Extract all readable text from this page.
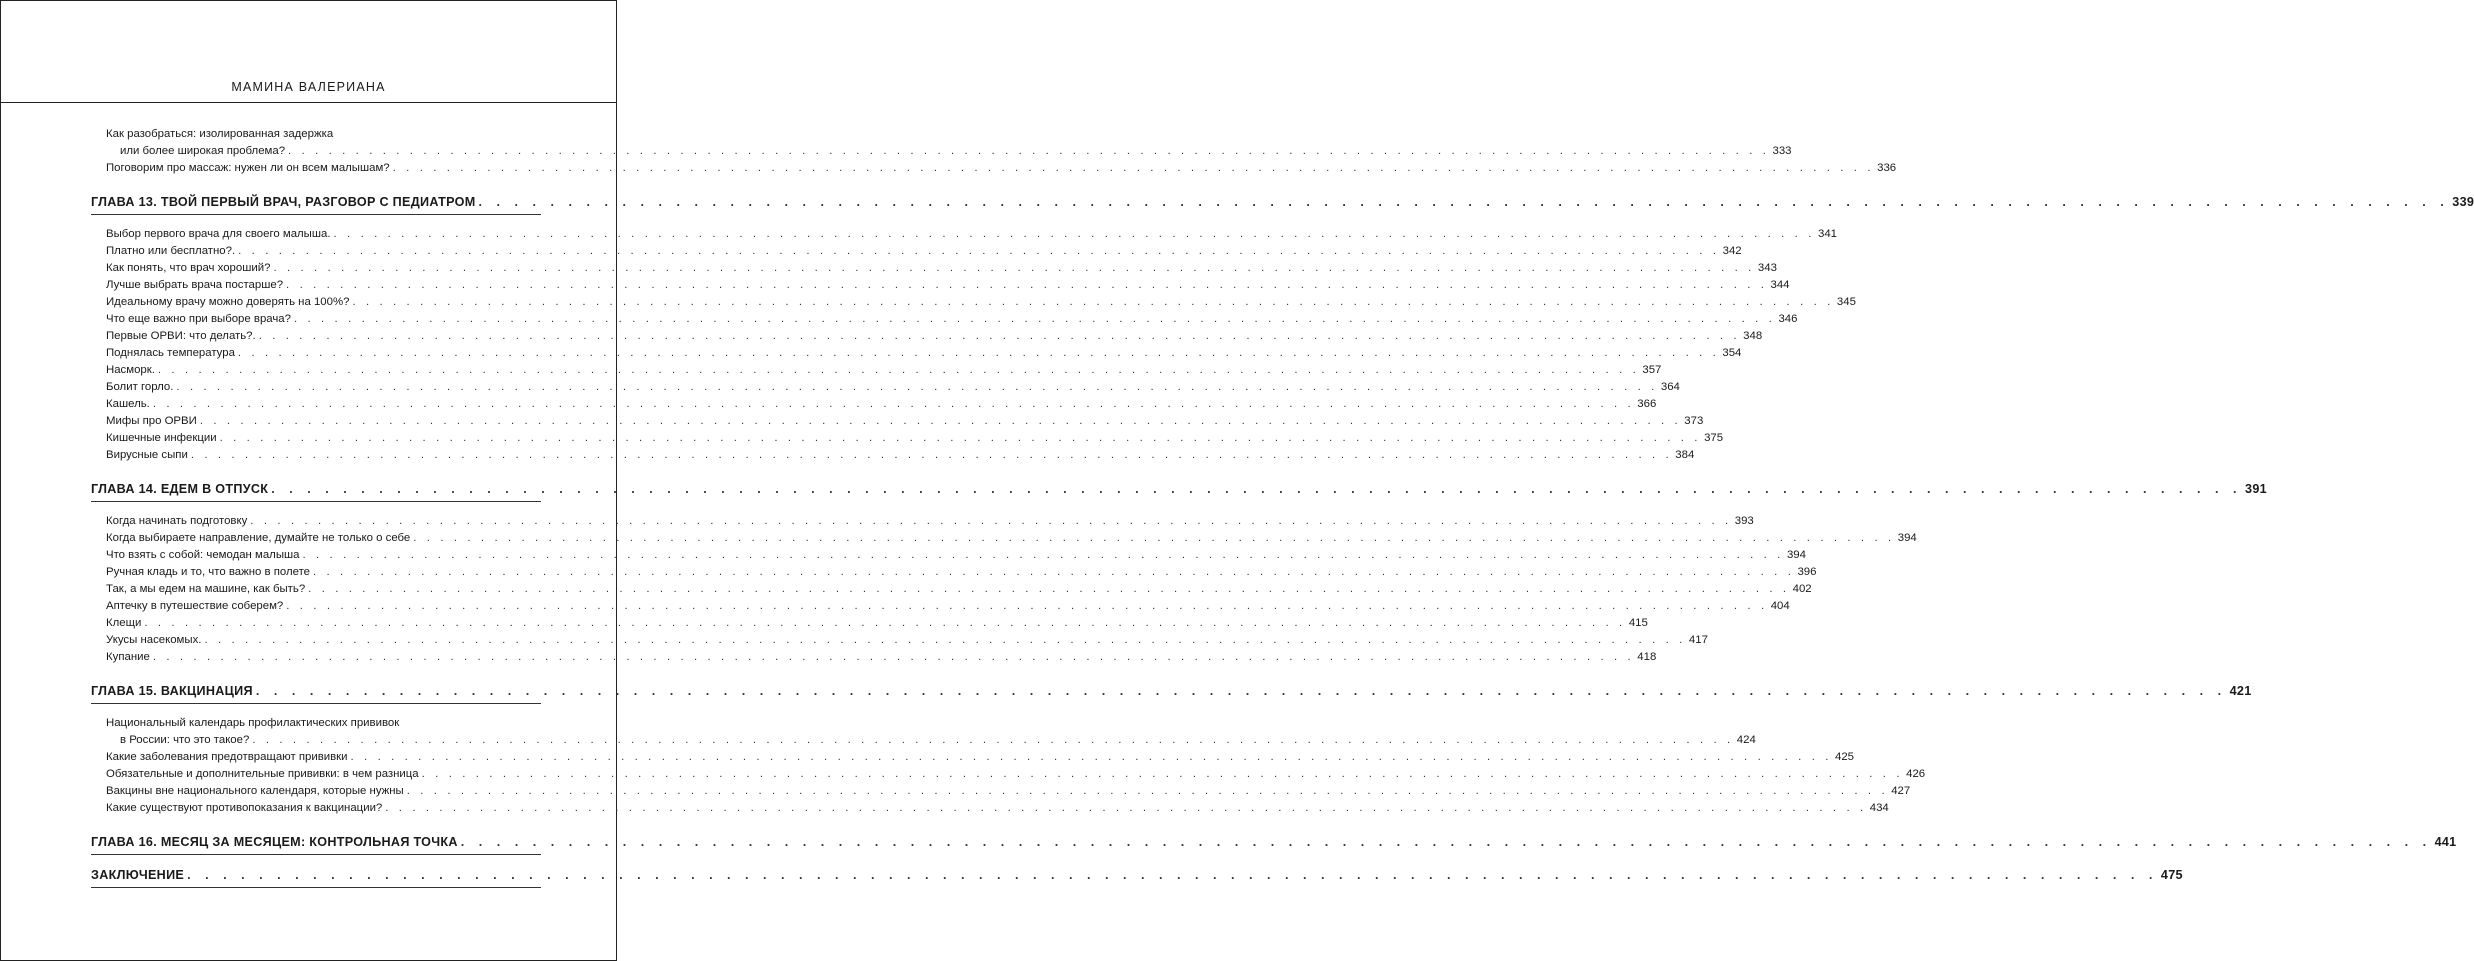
МАМИНА ВАЛЕРИАНА
Как разобраться: изолированная задержка
или более широкая проблема? . . .	333
Поговорим про массаж: нужен ли он всем малышам? . . .	336
ГЛАВА 13. ТВОЙ ПЕРВЫЙ ВРАЧ, РАЗГОВОР С ПЕДИАТРОМ . . .	339
Выбор первого врача для своего малыша. . . .	341
Платно или бесплатно?. . . .	342
Как понять, что врач хороший? . . .	343
Лучше выбрать врача постарше? . . .	344
Идеальному врачу можно доверять на 100%? . . .	345
Что еще важно при выборе врача? . . .	346
Первые ОРВИ: что делать?. . . .	348
Поднялась температура . . .	354
Насморк. . . .	357
Болит горло. . . .	364
Кашель. . . .	366
Мифы про ОРВИ . . .	373
Кишечные инфекции . . .	375
Вирусные сыпи . . .	384
ГЛАВА 14. ЕДЕМ В ОТПУСК . . .	391
Когда начинать подготовку . . .	393
Когда выбираете направление, думайте не только о себе . . .	394
Что взять с собой: чемодан малыша . . .	394
Ручная кладь и то, что важно в полете . . .	396
Так, а мы едем на машине, как быть? . . .	402
Аптечку в путешествие соберем? . . .	404
Клещи . . .	415
Укусы насекомых. . . .	417
Купание . . .	418
ГЛАВА 15. ВАКЦИНАЦИЯ . . .	421
Национальный календарь профилактических прививок
в России: что это такое? . . .	424
Какие заболевания предотвращают прививки . . .	425
Обязательные и дополнительные прививки: в чем разница . . .	426
Вакцины вне национального календаря, которые нужны . . .	427
Какие существуют противопоказания к вакцинации? . . .	434
ГЛАВА 16. МЕСЯЦ ЗА МЕСЯЦЕМ: КОНТРОЛЬНАЯ ТОЧКА . . .	441
ЗАКЛЮЧЕНИЕ . . .	475
